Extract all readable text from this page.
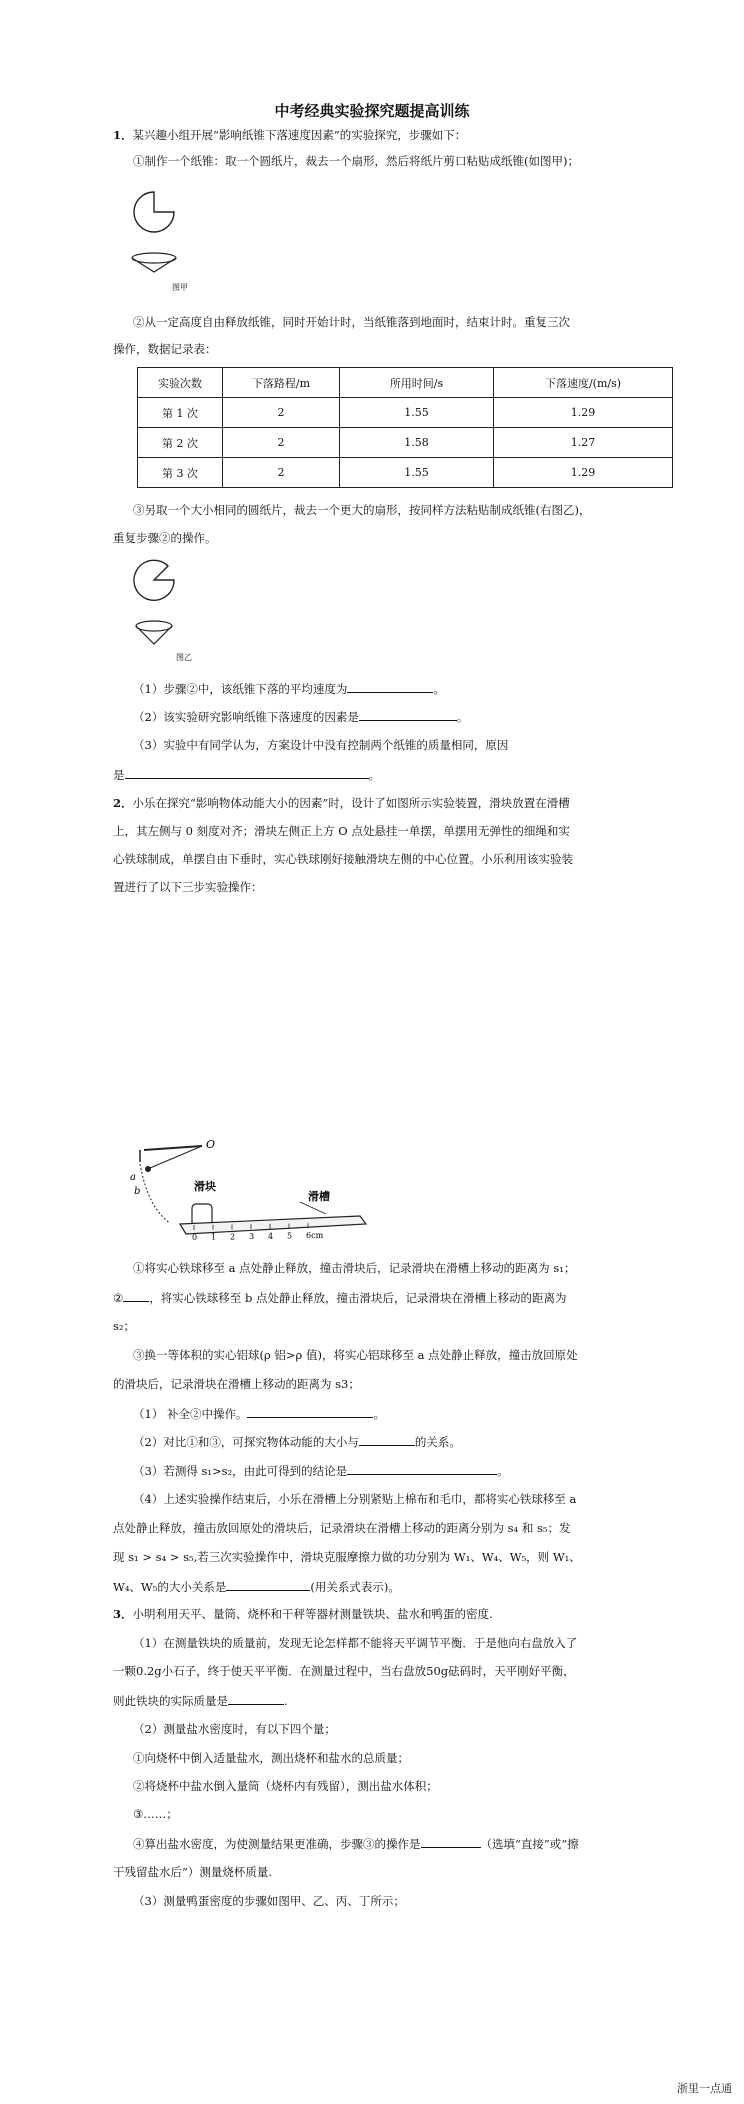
中考经典实验探究题提高训练
1．某兴趣小组开展“影响纸锥下落速度因素”的实验探究，步骤如下：
①制作一个纸锥：取一个圆纸片，裁去一个扇形，然后将纸片剪口粘贴成纸锥(如图甲)；
图甲
②从一定高度自由释放纸锥，同时开始计时，当纸锥落到地面时，结束计时。重复三次
操作，数据记录表：
实验次数	下落路程/m	所用时间/s	下落速度/(m/s)
第 1 次	2	1.55	1.29
第 2 次	2	1.58	1.27
第 3 次	2	1.55	1.29
③另取一个大小相同的圆纸片，裁去一个更大的扇形，按同样方法粘贴制成纸锥(右图乙)，
重复步骤②的操作。
图乙
（1）步骤②中，该纸锥下落的平均速度为	。
（2）该实验研究影响纸锥下落速度的因素是	。
（3）实验中有同学认为，方案设计中没有控制两个纸锥的质量相同，原因
是	。
2．小乐在探究“影响物体动能大小的因素”时，设计了如图所示实验装置，滑块放置在滑槽
上，其左侧与 0 刻度对齐；滑块左侧正上方 O 点处悬挂一单摆，单摆用无弹性的细绳和实
心铁球制成，单摆自由下垂时，实心铁球刚好接触滑块左侧的中心位置。小乐利用该实验装
置进行了以下三步实验操作：
O
a
b	滑块
滑槽
0 1 2 3 4 5 6cm
①将实心铁球移至 a 点处静止释放，撞击滑块后，记录滑块在滑槽上移动的距离为 s₁；
② ，将实心铁球移至 b 点处静止释放，撞击滑块后，记录滑块在滑槽上移动的距离为
s₂；
③换一等体积的实心铝球(ρ 铝>ρ 值)，将实心铝球移至 a 点处静止释放，撞击放回原处
的滑块后，记录滑块在滑槽上移动的距离为 s3；
（1） 补全②中操作。	。
（2）对比①和③，可探究物体动能的大小与	的关系。
（3）若测得 s₁>s₂，由此可得到的结论是	。
（4）上述实验操作结束后，小乐在滑槽上分别紧贴上棉布和毛巾，都将实心铁球移至 a
点处静止释放，撞击放回原处的滑块后，记录滑块在滑槽上移动的距离分别为 s₄ 和 s₅；发
现 s₁ > s₄ > s₅,若三次实验操作中，滑块克服摩擦力做的功分别为 W₁、W₄、W₅，则 W₁、
W₄、W₅的大小关系是	(用关系式表示)。
3．小明利用天平、量筒、烧杯和干秤等器材测量铁块、盐水和鸭蛋的密度.
（1）在测量铁块的质量前，发现无论怎样都不能将天平调节平衡．于是他向右盘放入了
一颗0.2g小石子，终于使天平平衡．在测量过程中，当右盘放50g砝码时，天平刚好平衡，
则此铁块的实际质量是	.
（2）测量盐水密度时，有以下四个量；
①向烧杯中倒入适量盐水，测出烧杯和盐水的总质量；
②将烧杯中盐水倒入量筒（烧杯内有残留），测出盐水体积；
③……；
④算出盐水密度，为使测量结果更准确，步骤③的操作是	（选填“直接”或“擦
干残留盐水后”）测量烧杯质量.
（3）测量鸭蛋密度的步骤如图甲、乙、丙、丁所示；
浙里一点通
